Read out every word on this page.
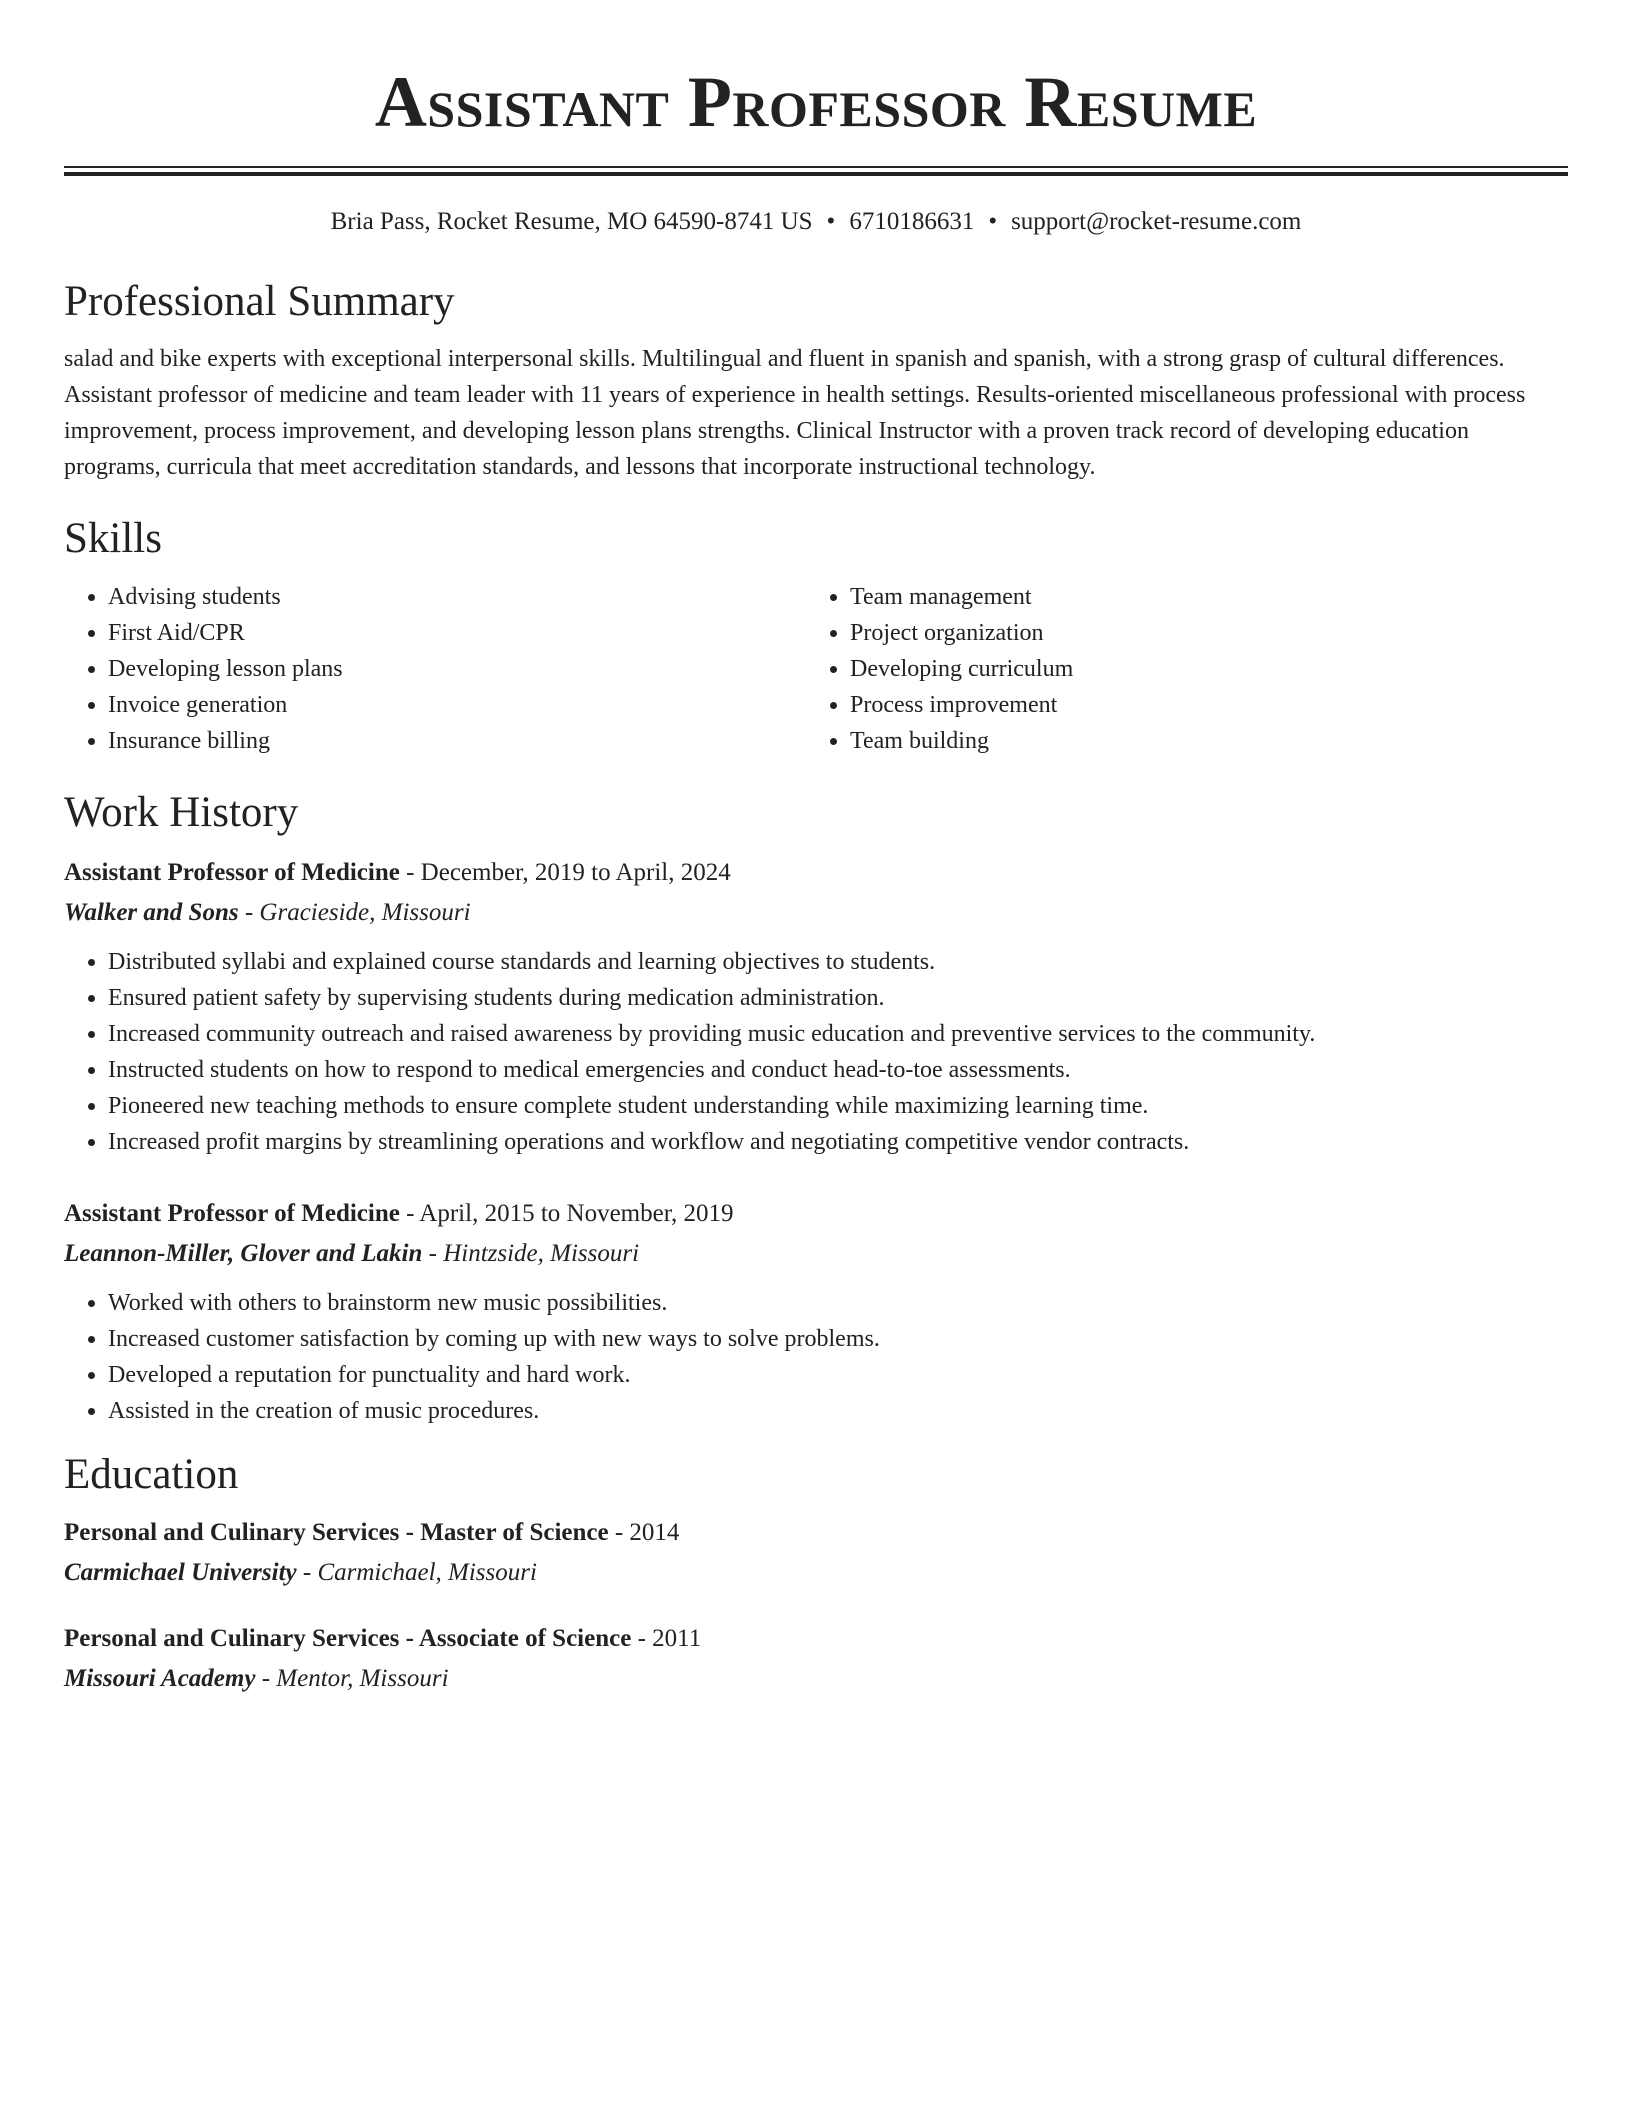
Assistant Professor Resume
Bria Pass, Rocket Resume, MO 64590-8741 US • 6710186631 • support@rocket-resume.com
Professional Summary

salad and bike experts with exceptional interpersonal skills. Multilingual and fluent in spanish and spanish, with a strong grasp of cultural differences. Assistant professor of medicine and team leader with 11 years of experience in health settings. Results-oriented miscellaneous professional with process improvement, process improvement, and developing lesson plans strengths. Clinical Instructor with a proven track record of developing education programs, curricula that meet accreditation standards, and lessons that incorporate instructional technology.

Skills
• Advising students
• First Aid/CPR
• Developing lesson plans
• Invoice generation
• Insurance billing
• Team management
• Project organization
• Developing curriculum
• Process improvement
• Team building
Work History

Assistant Professor of Medicine - December, 2019 to April, 2024

Walker and Sons - Gracieside, Missouri

• Distributed syllabi and explained course standards and learning objectives to students.
• Ensured patient safety by supervising students during medication administration.
• Increased community outreach and raised awareness by providing music education and preventive services to the community.
• Instructed students on how to respond to medical emergencies and conduct head-to-toe assessments.
• Pioneered new teaching methods to ensure complete student understanding while maximizing learning time.
• Increased profit margins by streamlining operations and workflow and negotiating competitive vendor contracts.

Assistant Professor of Medicine - April, 2015 to November, 2019

Leannon-Miller, Glover and Lakin - Hintzside, Missouri

• Worked with others to brainstorm new music possibilities.
• Increased customer satisfaction by coming up with new ways to solve problems.
• Developed a reputation for punctuality and hard work.
• Assisted in the creation of music procedures.
Education

Personal and Culinary Services - Master of Science - 2014

Carmichael University - Carmichael, Missouri

Personal and Culinary Services - Associate of Science - 2011

Missouri Academy - Mentor, Missouri
